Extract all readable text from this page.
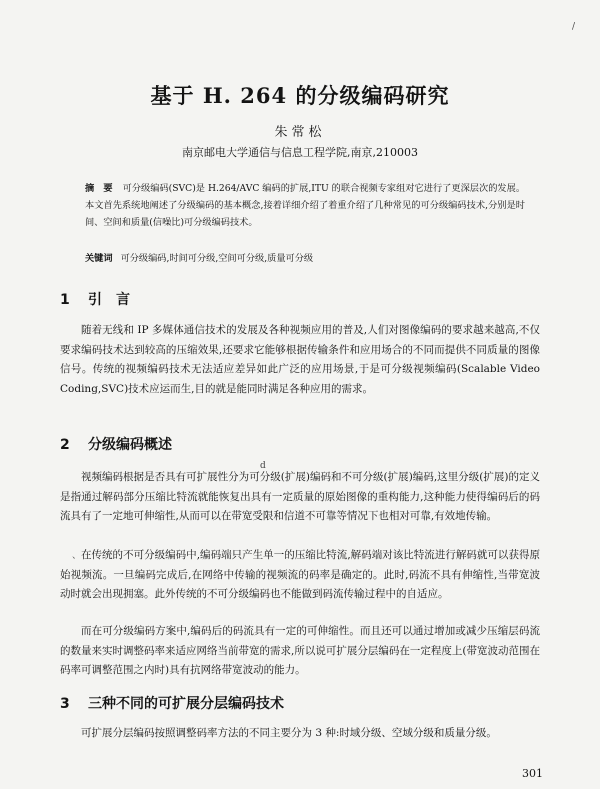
/
基于 H. 264 的分级编码研究
朱常松
南京邮电大学通信与信息工程学院,南京,210003
摘　要 可分级编码(SVC)是 H.264/AVC 编码的扩展,ITU 的联合视频专家组对它进行了更深层次的发展。本文首先系统地阐述了分级编码的基本概念,接着详细介绍了着重介绍了几种常见的可分级编码技术,分别是时间、空间和质量(信噪比)可分级编码技术。
关键词 可分级编码,时间可分级,空间可分级,质量可分级
1 引　言
随着无线和 IP 多媒体通信技术的发展及各种视频应用的普及,人们对图像编码的要求越来越高,不仅要求编码技术达到较高的压缩效果,还要求它能够根据传输条件和应用场合的不同而提供不同质量的图像信号。传统的视频编码技术无法适应差异如此广泛的应用场景,于是可分级视频编码(Scalable Video Coding,SVC)技术应运而生,目的就是能同时满足各种应用的需求。
2 分级编码概述
d
视频编码根据是否具有可扩展性分为可分级(扩展)编码和不可分级(扩展)编码,这里分级(扩展)的定义是指通过解码部分压缩比特流就能恢复出具有一定质量的原始图像的重构能力,这种能力使得编码后的码流具有了一定地可伸缩性,从而可以在带宽受限和信道不可靠等情况下也相对可靠,有效地传输。
、 在传统的不可分级编码中,编码端只产生单一的压缩比特流,解码端对该比特流进行解码就可以获得原始视频流。一旦编码完成后,在网络中传输的视频流的码率是确定的。此时,码流不具有伸缩性,当带宽波动时就会出现拥塞。此外传统的不可分级编码也不能做到码流传输过程中的自适应。
而在可分级编码方案中,编码后的码流具有一定的可伸缩性。而且还可以通过增加或减少压缩层码流的数量来实时调整码率来适应网络当前带宽的需求,所以说可扩展分层编码在一定程度上(带宽波动范围在码率可调整范围之内时)具有抗网络带宽波动的能力。
3 三种不同的可扩展分层编码技术
可扩展分层编码按照调整码率方法的不同主要分为 3 种:时域分级、空域分级和质量分级。
301
